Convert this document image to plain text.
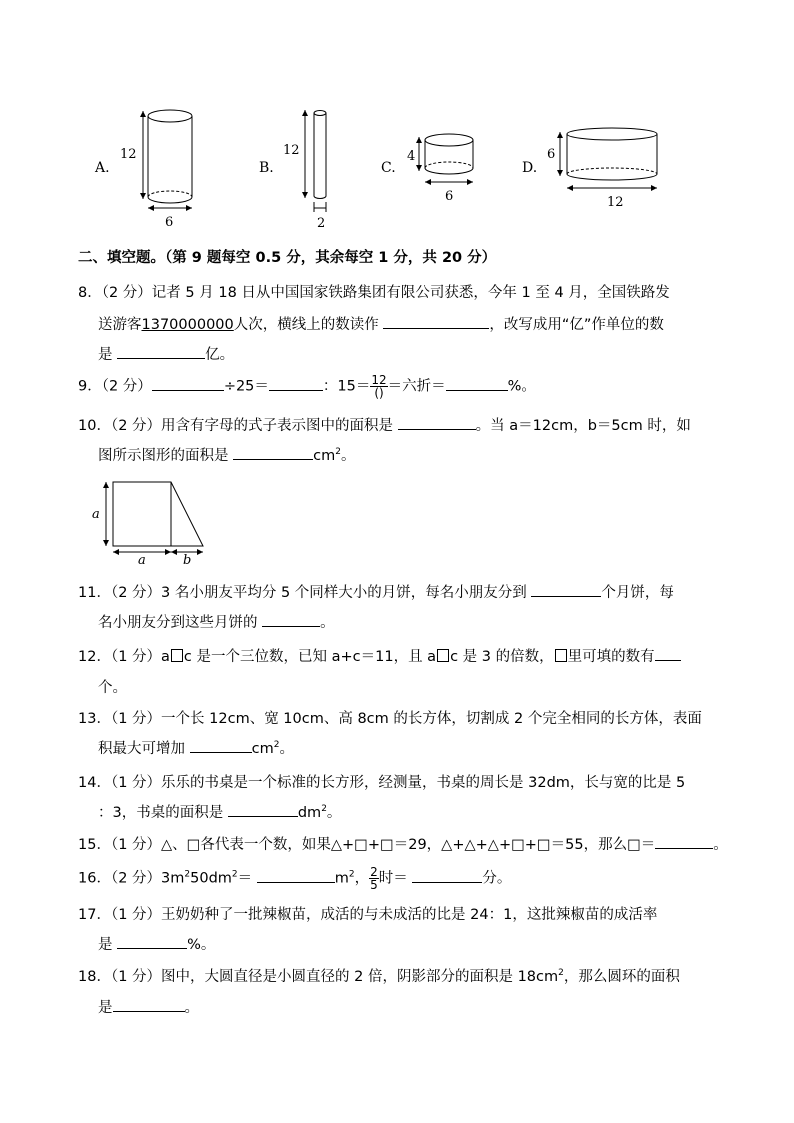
A.
12
6
B.
12
2
C.
4
6
D.
6
12
二、填空题。（第 9 题每空 0.5 分，其余每空 1 分，共 20 分）
8．（2 分）记者 5 月 18 日从中国国家铁路集团有限公司获悉，今年 1 至 4 月，全国铁路发
送游客1370000000人次，横线上的数读作	，改写成用“亿”作单位的数
是	亿。
9．（2 分）	÷25＝	：$15= \frac{12}{()}$ ＝六折＝	%。
10．（2 分）用含有字母的式子表示图中的面积是	。当 a＝12cm，b＝5cm 时，如
图所示图形的面积是	$cm^2$。
a
a	b
11．（2 分）3 名小朋友平均分 5 个同样大小的月饼，每名小朋友分到	个月饼，每
名小朋友分到这些月饼的	。
12．（1 分）a c 是一个三位数，已知 a+c＝11，且 a c 是 3 的倍数， 里可填的数有
个。
13．（1 分）一个长 12cm、宽 10cm、高 8cm 的长方体，切割成 2 个完全相同的长方体，表面
积最大可增加	$cm^2$。
14．（1 分）乐乐的书桌是一个标准的长方形，经测量，书桌的周长是 32dm，长与宽的比是 5
：3，书桌的面积是	$dm^2$。
15．（1 分）△、□各代表一个数，如果△+□+□＝29，△+△+△+□+□＝55，那么□＝	。
16．（2 分）$3m^250dm^2=$	$m^2$， $\frac{2}{5}$ 时＝	分。
17．（1 分）王奶奶种了一批辣椒苗，成活的与未成活的比是 24：1，这批辣椒苗的成活率
是	%。
18．（1 分）图中，大圆直径是小圆直径的 2 倍，阴影部分的面积是 $18cm^2$，那么圆环的面积
是	。
